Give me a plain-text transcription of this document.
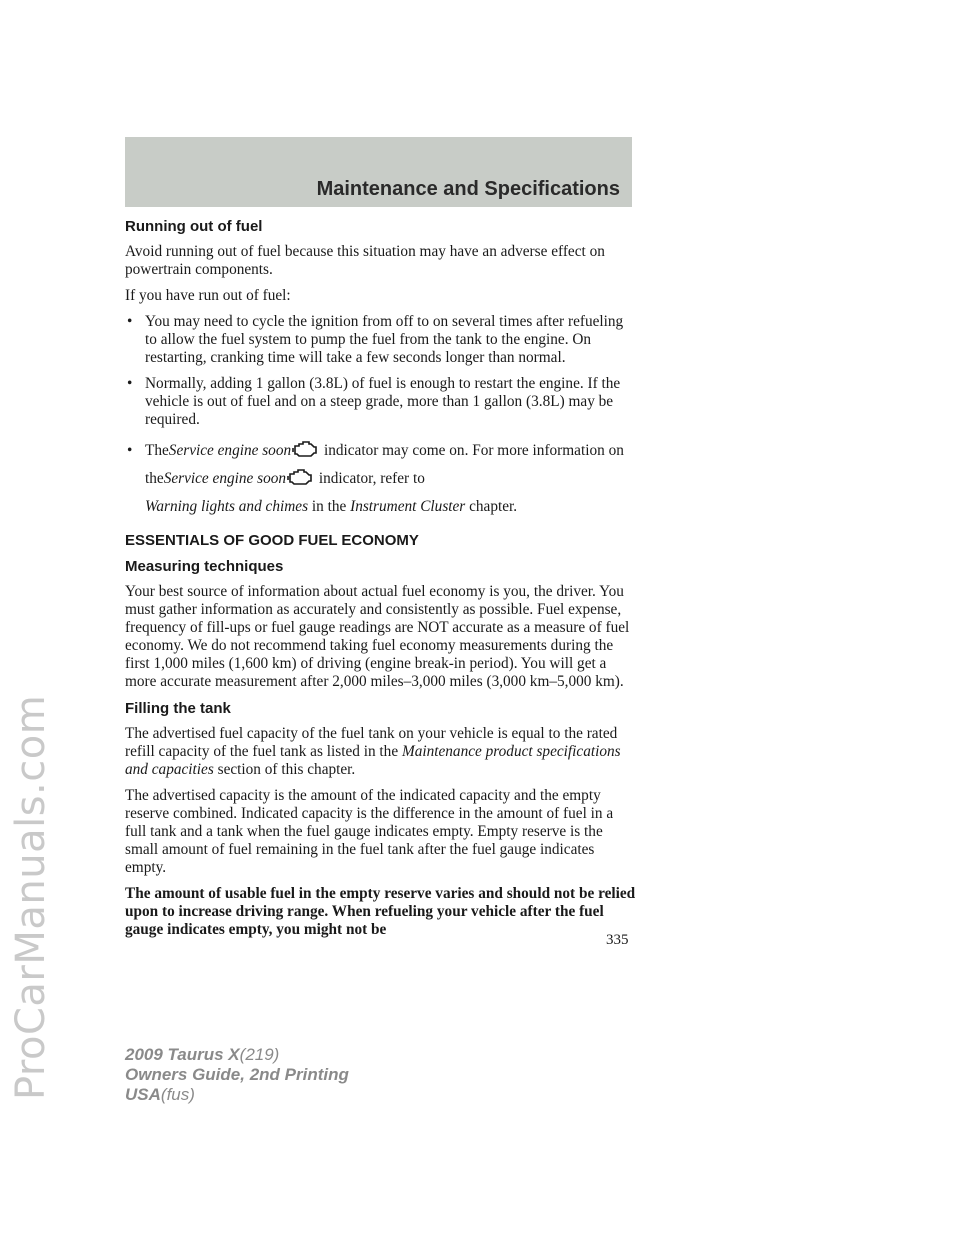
ProCarManuals.com
Maintenance and Specifications
Running out of fuel

Avoid running out of fuel because this situation may have an adverse effect on powertrain components.

If you have run out of fuel:

• You may need to cycle the ignition from off to on several times after refueling to allow the fuel system to pump the fuel from the tank to the engine. On restarting, cranking time will take a few seconds longer than normal.
• Normally, adding 1 gallon (3.8L) of fuel is enough to restart the engine. If the vehicle is out of fuel and on a steep grade, more than 1 gallon (3.8L) may be required.
• TheService engine soon indicator may come on. For more information on theService engine soon indicator, refer to
Warning lights and chimes in the Instrument Cluster chapter.
ESSENTIALS OF GOOD FUEL ECONOMY
Measuring techniques

Your best source of information about actual fuel economy is you, the driver. You must gather information as accurately and consistently as possible. Fuel expense, frequency of fill-ups or fuel gauge readings are NOT accurate as a measure of fuel economy. We do not recommend taking fuel economy measurements during the first 1,000 miles (1,600 km) of driving (engine break-in period). You will get a more accurate measurement after 2,000 miles–3,000 miles (3,000 km–5,000 km).

Filling the tank

The advertised fuel capacity of the fuel tank on your vehicle is equal to the rated refill capacity of the fuel tank as listed in the Maintenance product specifications and capacities section of this chapter.

The advertised capacity is the amount of the indicated capacity and the empty reserve combined. Indicated capacity is the difference in the amount of fuel in a full tank and a tank when the fuel gauge indicates empty. Empty reserve is the small amount of fuel remaining in the fuel tank after the fuel gauge indicates empty.

The amount of usable fuel in the empty reserve varies and should not be relied upon to increase driving range. When refueling your vehicle after the fuel gauge indicates empty, you might not be

335
2009 Taurus X(219)
Owners Guide, 2nd Printing
USA(fus)
